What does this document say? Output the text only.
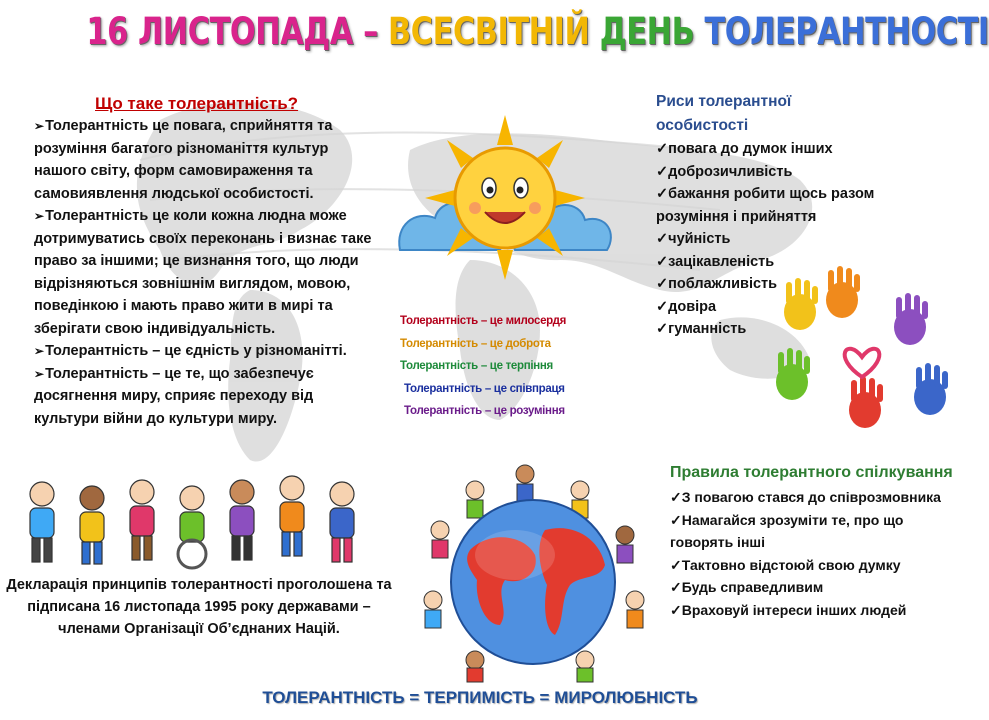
16 ЛИСТОПАДА – ВСЕСВІТНІЙ ДЕНЬ ТОЛЕРАНТНОСТІ
Що таке толерантність?
➢Толерантність це повага, сприйняття та розуміння багатого різноманіття культур нашого світу, форм самовираження та самовиявлення людської особистості.
➢Толерантність це коли кожна людна може дотримуватись своїх переконань і визнає таке право за іншими; це визнання того, що люди відрізняються зовнішнім виглядом, мовою, поведінкою і мають право жити в мирі та зберігати свою індивідуальність.
➢Толерантність – це єдність у різноманітті.
➢Толерантність – це те, що забезпечує досягнення миру, сприяє переходу від культури війни до культури миру.
Риси толерантної особистості
✓повага до думок інших
✓доброзичливість
✓бажання робити щось разом розуміння і прийняття
✓чуйність
✓зацікавленість
✓поблажливість
✓довіра
✓гуманність
Толерантність – це милосердя
Толерантність – це доброта
Толерантність – це терпіння
Толерантність – це співпраця
Толерантність – це розуміння
Декларація принципів толерантності проголошена та підписана 16 листопада 1995 року державами – членами Організації Об’єднаних Націй.
Правила толерантного спілкування
✓З повагою стався до співрозмовника
✓Намагайся зрозуміти те, про що говорять інші
✓Тактовно відстоюй свою думку
✓Будь справедливим
✓Враховуй інтереси інших людей
ТОЛЕРАНТНІСТЬ = ТЕРПИМІСТЬ = МИРОЛЮБНІСТЬ
